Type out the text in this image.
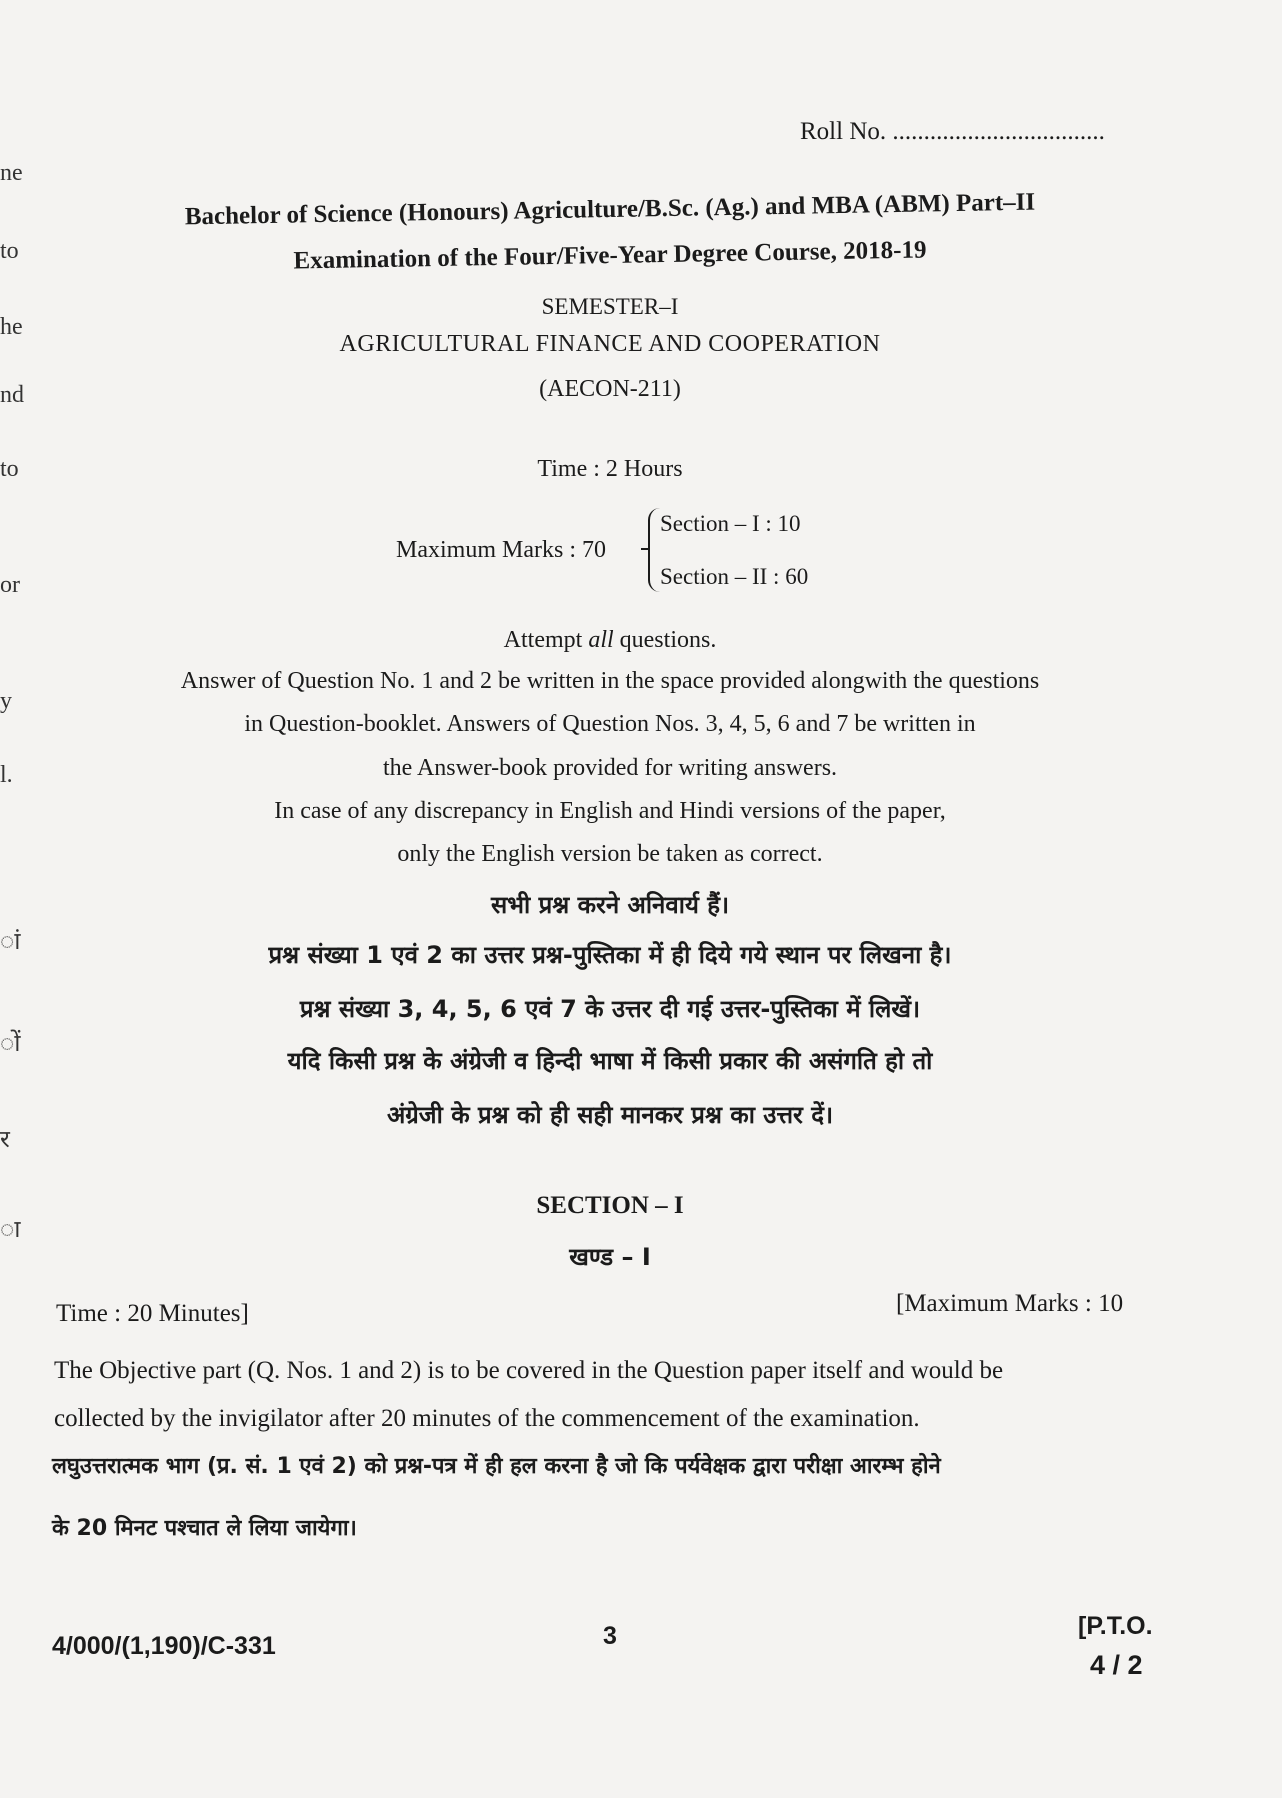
ne
to
he
nd
to
or
y
l.
ां
ों
र
ा
Roll No. ..................................
Bachelor of Science (Honours) Agriculture/B.Sc. (Ag.) and MBA (ABM) Part–II
Examination of the Four/Five-Year Degree Course, 2018-19
SEMESTER–I
AGRICULTURAL FINANCE AND COOPERATION
(AECON-211)
Time : 2 Hours
Maximum Marks : 70
Section – I : 10
Section – II : 60
Attempt all questions.
Answer of Question No. 1 and 2 be written in the space provided alongwith the questions
in Question-booklet. Answers of Question Nos. 3, 4, 5, 6 and 7 be written in
the Answer-book provided for writing answers.
In case of any discrepancy in English and Hindi versions of the paper,
only the English version be taken as correct.
सभी प्रश्न करने अनिवार्य हैं।
प्रश्न संख्या 1 एवं 2 का उत्तर प्रश्न-पुस्तिका में ही दिये गये स्थान पर लिखना है।
प्रश्न संख्या 3, 4, 5, 6 एवं 7 के उत्तर दी गई उत्तर-पुस्तिका में लिखें।
यदि किसी प्रश्न के अंग्रेजी व हिन्दी भाषा में किसी प्रकार की असंगति हो तो
अंग्रेजी के प्रश्न को ही सही मानकर प्रश्न का उत्तर दें।
SECTION – I
खण्ड – I
Time : 20 Minutes]	[Maximum Marks : 10
The Objective part (Q. Nos. 1 and 2) is to be covered in the Question paper itself and would be
collected by the invigilator after 20 minutes of the commencement of the examination.
लघुउत्तरात्मक भाग (प्र. सं. 1 एवं 2) को प्रश्न-पत्र में ही हल करना है जो कि पर्यवेक्षक द्वारा परीक्षा आरम्भ होने
के 20 मिनट पश्चात ले लिया जायेगा।
4/000/(1,190)/C-331	3	[P.T.O.
4 / 2
